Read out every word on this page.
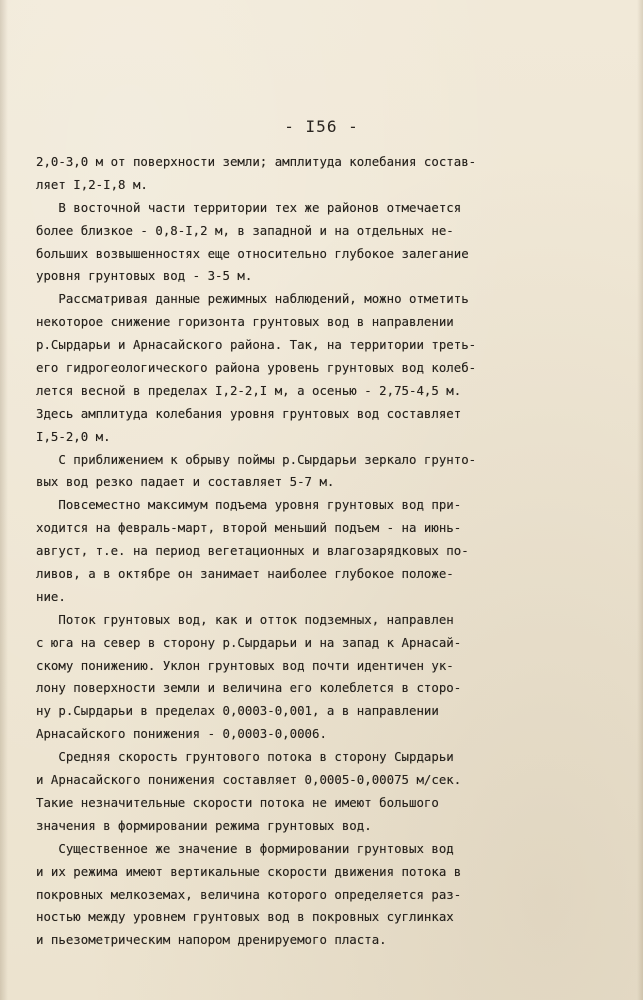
- I56 -
2,0-3,0 м от поверхности земли; амплитуда колебания состав-
ляет I,2-I,8 м.
В восточной части территории тех же районов отмечается
более близкое - 0,8-I,2 м, в западной и на отдельных не-
больших возвышенностях еще относительно глубокое залегание
уровня грунтовых вод - 3-5 м.
Рассматривая данные режимных наблюдений, можно отметить
некоторое снижение горизонта грунтовых вод в направлении
р.Сырдарьи и Арнасайского района. Так, на территории треть-
его гидрогеологического района уровень грунтовых вод колеб-
лется весной в пределах I,2-2,I м, а осенью - 2,75-4,5 м.
Здесь амплитуда колебания уровня грунтовых вод составляет
I,5-2,0 м.
С приближением к обрыву поймы р.Сырдарьи зеркало грунто-
вых вод резко падает и составляет 5-7 м.
Повсеместно максимум подъема уровня грунтовых вод при-
ходится на февраль-март, второй меньший подъем - на июнь-
август, т.е. на период вегетационных и влагозарядковых по-
ливов, а в октябре он занимает наиболее глубокое положе-
ние.
Поток грунтовых вод, как и отток подземных, направлен
с юга на север в сторону р.Сырдарьи и на запад к Арнасай-
скому понижению. Уклон грунтовых вод почти идентичен ук-
лону поверхности земли и величина его колеблется в сторо-
ну р.Сырдарьи в пределах 0,0003-0,001, а в направлении
Арнасайского понижения - 0,0003-0,0006.
Средняя скорость грунтового потока в сторону Сырдарьи
и Арнасайского понижения составляет 0,0005-0,00075 м/сек.
Такие незначительные скорости потока не имеют большого
значения в формировании режима грунтовых вод.
Существенное же значение в формировании грунтовых вод
и их режима имеют вертикальные скорости движения потока в
покровных мелкоземах, величина которого определяется раз-
ностью между уровнем грунтовых вод в покровных суглинках
и пьезометрическим напором дренируемого пласта.
